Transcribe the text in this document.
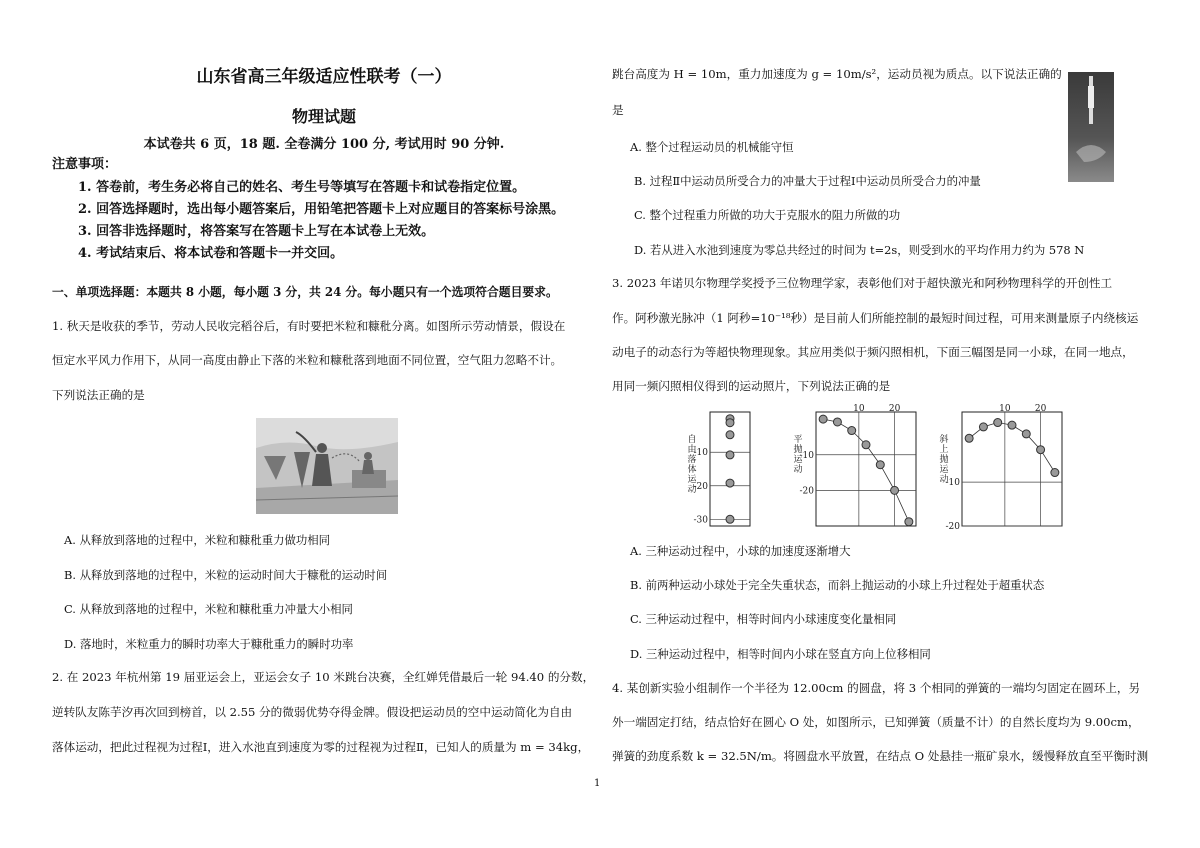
山东省高三年级适应性联考（一）
物理试题
本试卷共 6 页，18 题. 全卷满分 100 分, 考试用时 90 分钟.
注意事项：
1. 答卷前，考生务必将自己的姓名、考生号等填写在答题卡和试卷指定位置。
2. 回答选择题时，选出每小题答案后，用铅笔把答题卡上对应题目的答案标号涂黑。
3. 回答非选择题时，将答案写在答题卡上写在本试卷上无效。
4. 考试结束后、将本试卷和答题卡一并交回。
一、单项选择题：本题共 8 小题，每小题 3 分，共 24 分。每小题只有一个选项符合题目要求。
1. 秋天是收获的季节，劳动人民收完稻谷后，有时要把米粒和糠秕分离。如图所示劳动情景，假设在
恒定水平风力作用下，从同一高度由静止下落的米粒和糠秕落到地面不同位置，空气阻力忽略不计。
下列说法正确的是
A. 从释放到落地的过程中，米粒和糠秕重力做功相同
B. 从释放到落地的过程中，米粒的运动时间大于糠秕的运动时间
C. 从释放到落地的过程中，米粒和糠秕重力冲量大小相同
D. 落地时，米粒重力的瞬时功率大于糠秕重力的瞬时功率
2. 在 2023 年杭州第 19 届亚运会上，亚运会女子 10 米跳台决赛，全红婵凭借最后一轮 94.40 的分数，
逆转队友陈芋汐再次回到榜首，以 2.55 分的微弱优势夺得金牌。假设把运动员的空中运动简化为自由
落体运动，把此过程视为过程Ⅰ，进入水池直到速度为零的过程视为过程Ⅱ，已知人的质量为 m = 34kg，
跳台高度为 H = 10m，重力加速度为 g = 10m/s²，运动员视为质点。以下说法正确的
是
A. 整个过程运动员的机械能守恒
B. 过程Ⅱ中运动员所受合力的冲量大于过程Ⅰ中运动员所受合力的冲量
C. 整个过程重力所做的功大于克服水的阻力所做的功
D. 若从进入水池到速度为零总共经过的时间为 t=2s，则受到水的平均作用力约为 578 N
3. 2023 年诺贝尔物理学奖授予三位物理学家，表彰他们对于超快激光和阿秒物理科学的开创性工
作。阿秒激光脉冲（1 阿秒=10⁻¹⁸秒）是目前人们所能控制的最短时间过程，可用来测量原子内绕核运
动电子的动态行为等超快物理现象。其应用类似于频闪照相机，下面三幅图是同一小球，在同一地点，
用同一频闪照相仪得到的运动照片，下列说法正确的是
-10
-20
-30
自
由
落
体
运
动
-10
-20
10	20
平
抛
运
动
-10
-20
10	20
斜
上
抛
运
动
A. 三种运动过程中，小球的加速度逐渐增大
B. 前两种运动小球处于完全失重状态，而斜上抛运动的小球上升过程处于超重状态
C. 三种运动过程中，相等时间内小球速度变化量相同
D. 三种运动过程中，相等时间内小球在竖直方向上位移相同
4. 某创新实验小组制作一个半径为 12.00cm 的圆盘，将 3 个相同的弹簧的一端均匀固定在圆环上，另
外一端固定打结，结点恰好在圆心 O 处，如图所示，已知弹簧（质量不计）的自然长度均为 9.00cm，
弹簧的劲度系数 k = 32.5N/m。将圆盘水平放置，在结点 O 处悬挂一瓶矿泉水，缓慢释放直至平衡时测
1
